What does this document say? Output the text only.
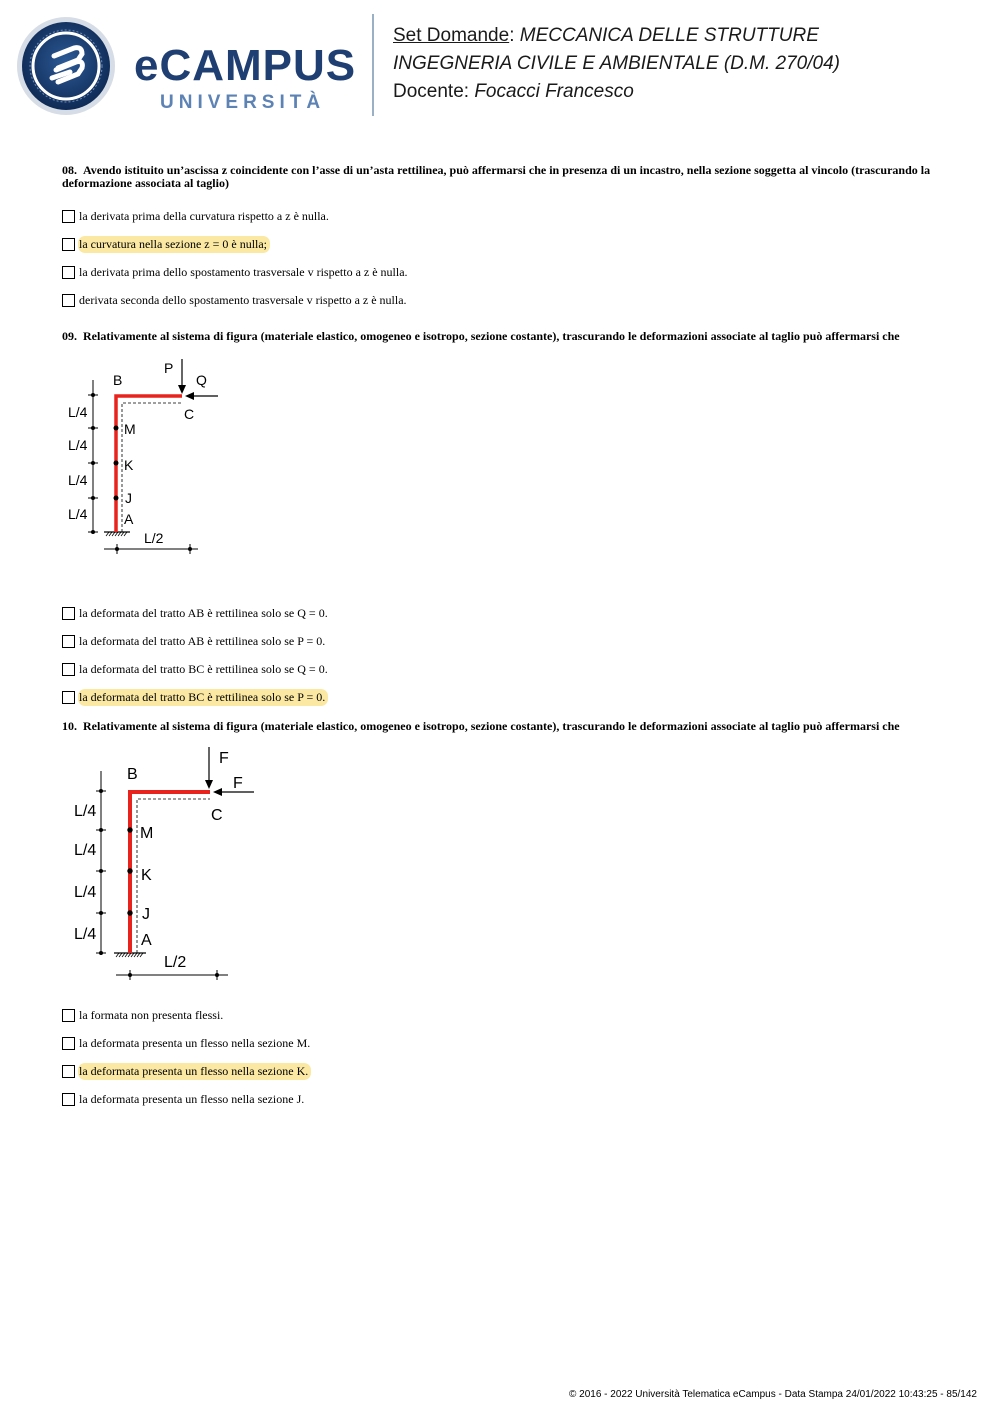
eCAMPUS
UNIVERSITÀ
Set Domande: MECCANICA DELLE STRUTTURE
INGEGNERIA CIVILE E AMBIENTALE (D.M. 270/04)
Docente: Focacci Francesco
08. Avendo istituito un’ascissa z coincidente con l’asse di un’asta rettilinea, può affermarsi che in presenza di un incastro, nella sezione soggetta al vincolo (trascurando la deformazione associata al taglio)
la derivata prima della curvatura rispetto a z è nulla.
la curvatura nella sezione z = 0 è nulla;
la derivata prima dello spostamento trasversale v rispetto a z è nulla.
derivata seconda dello spostamento trasversale v rispetto a z è nulla.
09. Relativamente al sistema di figura (materiale elastico, omogeneo e isotropo, sezione costante), trascurando le deformazioni associate al taglio può affermarsi che
L/4
L/4
L/4
L/4
L/2
P
Q
B
C
M
K
J
A
la deformata del tratto AB è rettilinea solo se Q = 0.
la deformata del tratto AB è rettilinea solo se P = 0.
la deformata del tratto BC è rettilinea solo se Q = 0.
la deformata del tratto BC è rettilinea solo se P = 0.
10. Relativamente al sistema di figura (materiale elastico, omogeneo e isotropo, sezione costante), trascurando le deformazioni associate al taglio può affermarsi che
L/4
L/4
L/4
L/4
L/2
F
F
B
C
M
K
J
A
la formata non presenta flessi.
la deformata presenta un flesso nella sezione M.
la deformata presenta un flesso nella sezione K.
la deformata presenta un flesso nella sezione J.
© 2016 - 2022 Università Telematica eCampus - Data Stampa 24/01/2022 10:43:25 - 85/142
